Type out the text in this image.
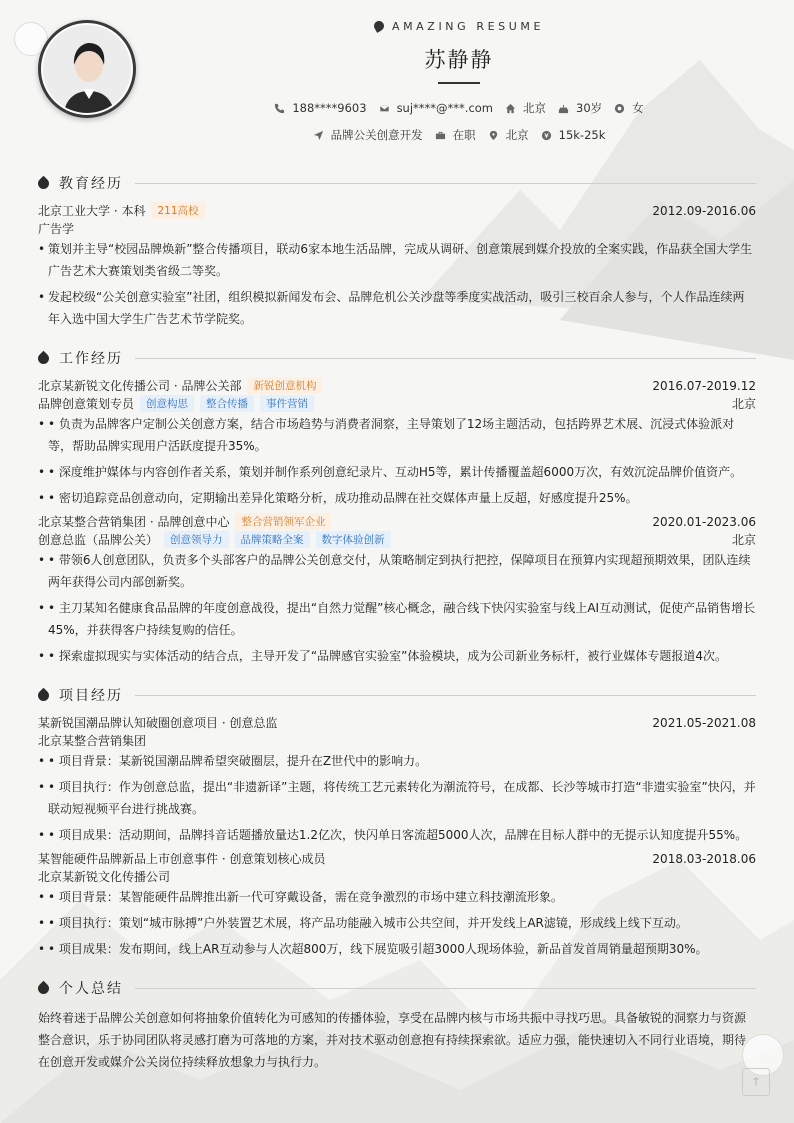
AMAZING RESUME
苏静静
188****9603	suj****@***.com	北京	30岁	女
品牌公关创意开发	在职	北京	15k-25k
教育经历
北京工业大学 · 本科	211高校	2012.09-2016.06
广告学
• 策划并主导“校园品牌焕新”整合传播项目，联动6家本地生活品牌，完成从调研、创意策展到媒介投放的全案实践，作品获全国大学生广告艺术大赛策划类省级二等奖。
• 发起校级“公关创意实验室”社团，组织模拟新闻发布会、品牌危机公关沙盘等季度实战活动，吸引三校百余人参与，个人作品连续两年入选中国大学生广告艺术节学院奖。
工作经历
北京某新锐文化传播公司 · 品牌公关部	新锐创意机构	2016.07-2019.12
品牌创意策划专员	创意构思	整合传播	事件营销	北京
• • 负责为品牌客户定制公关创意方案，结合市场趋势与消费者洞察，主导策划了12场主题活动，包括跨界艺术展、沉浸式体验派对等，帮助品牌实现用户活跃度提升35%。
• • 深度维护媒体与内容创作者关系，策划并制作系列创意纪录片、互动H5等，累计传播覆盖超6000万次，有效沉淀品牌价值资产。
• • 密切追踪竞品创意动向，定期输出差异化策略分析，成功推动品牌在社交媒体声量上反超，好感度提升25%。
北京某整合营销集团 · 品牌创意中心	整合营销领军企业	2020.01-2023.06
创意总监（品牌公关）	创意领导力	品牌策略全案	数字体验创新	北京
• • 带领6人创意团队，负责多个头部客户的品牌公关创意交付，从策略制定到执行把控，保障项目在预算内实现超预期效果，团队连续两年获得公司内部创新奖。
• • 主刀某知名健康食品品牌的年度创意战役，提出“自然力觉醒”核心概念，融合线下快闪实验室与线上AI互动测试，促使产品销售增长45%，并获得客户持续复购的信任。
• • 探索虚拟现实与实体活动的结合点，主导开发了“品牌感官实验室”体验模块，成为公司新业务标杆，被行业媒体专题报道4次。
项目经历
某新锐国潮品牌认知破圈创意项目 · 创意总监	2021.05-2021.08
北京某整合营销集团
• • 项目背景：某新锐国潮品牌希望突破圈层，提升在Z世代中的影响力。
• • 项目执行：作为创意总监，提出“非遗新译”主题，将传统工艺元素转化为潮流符号，在成都、长沙等城市打造“非遗实验室”快闪，并联动短视频平台进行挑战赛。
• • 项目成果：活动期间，品牌抖音话题播放量达1.2亿次，快闪单日客流超5000人次，品牌在目标人群中的无提示认知度提升55%。
某智能硬件品牌新品上市创意事件 · 创意策划核心成员	2018.03-2018.06
北京某新锐文化传播公司
• • 项目背景：某智能硬件品牌推出新一代可穿戴设备，需在竞争激烈的市场中建立科技潮流形象。
• • 项目执行：策划“城市脉搏”户外装置艺术展，将产品功能融入城市公共空间，并开发线上AR滤镜，形成线上线下互动。
• • 项目成果：发布期间，线上AR互动参与人次超800万，线下展览吸引超3000人现场体验，新品首发首周销量超预期30%。
个人总结
始终着迷于品牌公关创意如何将抽象价值转化为可感知的传播体验，享受在品牌内核与市场共振中寻找巧思。具备敏锐的洞察力与资源整合意识，乐于协同团队将灵感打磨为可落地的方案，并对技术驱动创意抱有持续探索欲。适应力强，能快速切入不同行业语境，期待在创意开发或媒介公关岗位持续释放想象力与执行力。
↑
